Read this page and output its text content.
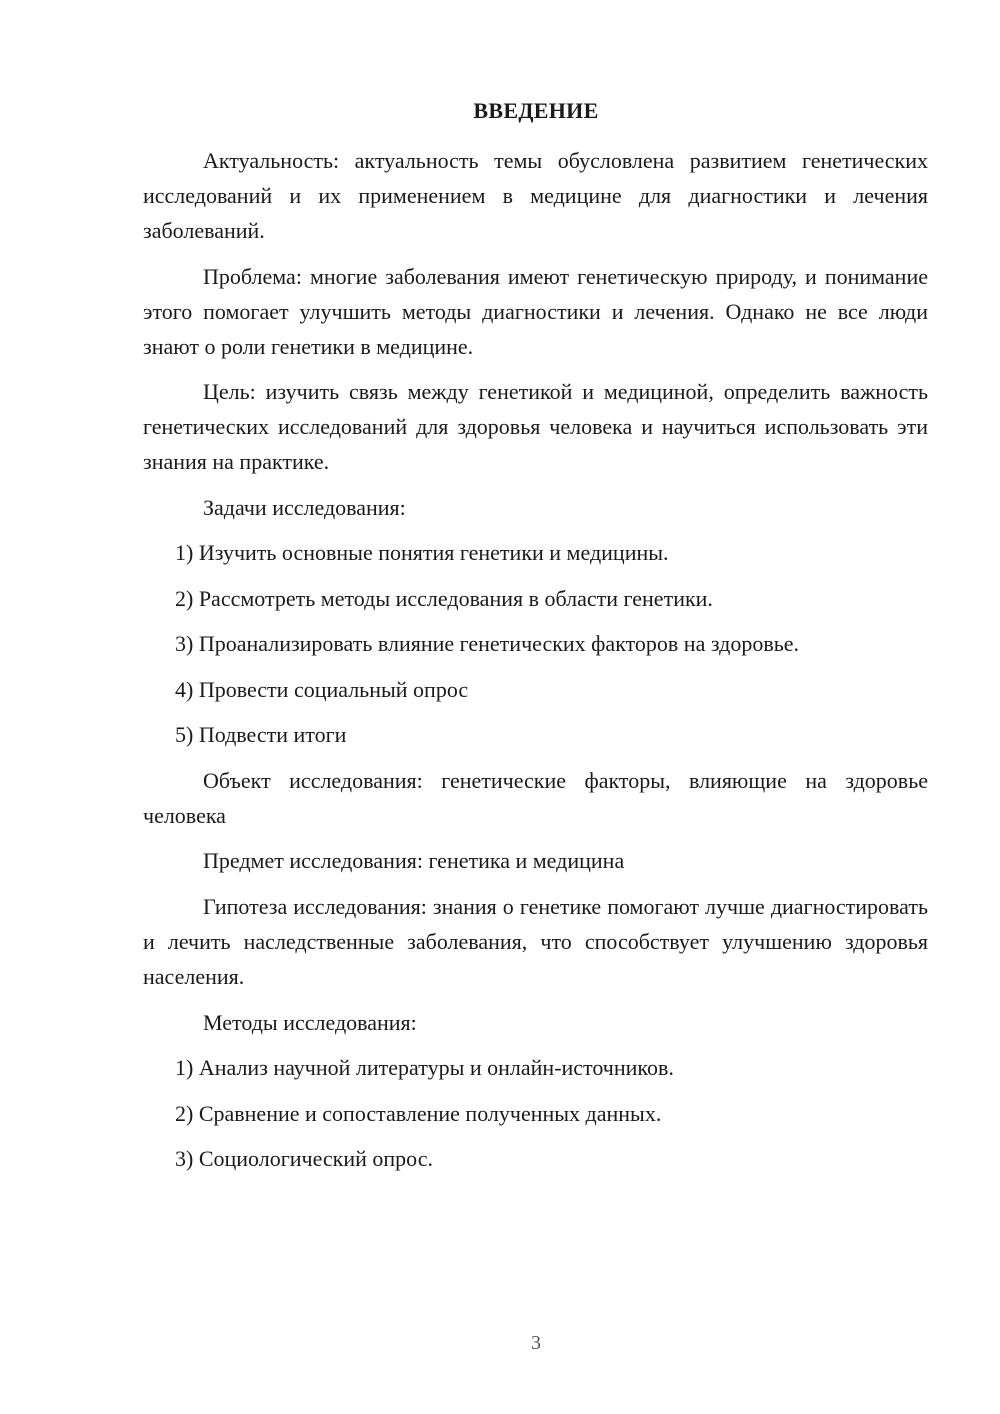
ВВЕДЕНИЕ

Актуальность: актуальность темы обусловлена развитием генетических исследований и их применением в медицине для диагностики и лечения заболеваний.

Проблема: многие заболевания имеют генетическую природу, и понимание этого помогает улучшить методы диагностики и лечения. Однако не все люди знают о роли генетики в медицине.

Цель: изучить связь между генетикой и медициной, определить важность генетических исследований для здоровья человека и научиться использовать эти знания на практике.

Задачи исследования:
1) Изучить основные понятия генетики и медицины.
2) Рассмотреть методы исследования в области генетики.
3) Проанализировать влияние генетических факторов на здоровье.
4) Провести социальный опрос
5) Подвести итоги

Объект исследования: генетические факторы, влияющие на здоровье человека

Предмет исследования: генетика и медицина

Гипотеза исследования: знания о генетике помогают лучше диагностировать и лечить наследственные заболевания, что способствует улучшению здоровья населения.

Методы исследования:
1) Анализ научной литературы и онлайн-источников.
2) Сравнение и сопоставление полученных данных.
3) Социологический опрос.
3
